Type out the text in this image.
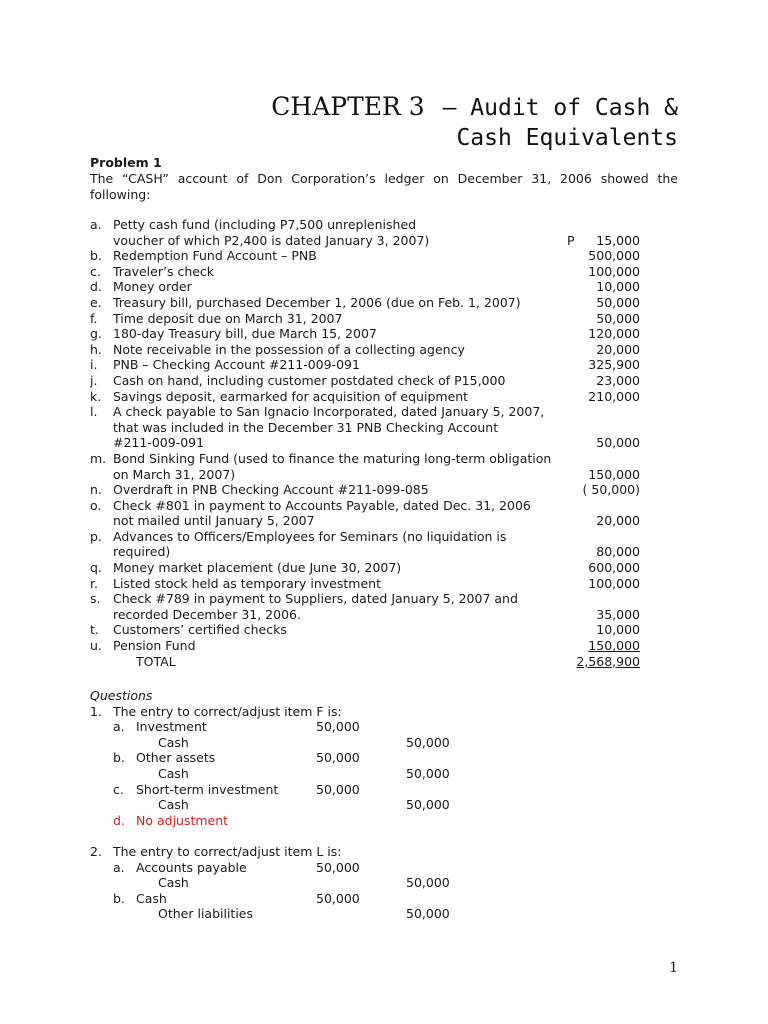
CHAPTER 3 – Audit of Cash &
Cash Equivalents
Problem 1
The “CASH” account of Don Corporation’s ledger on December 31, 2006 showed the following:
a. Petty cash fund (including P7,500 unreplenished
voucher of which P2,400 is dated January 3, 2007)	P 15,000
b. Redemption Fund Account – PNB	500,000
c. Traveler’s check	100,000
d. Money order	10,000
e. Treasury bill, purchased December 1, 2006 (due on Feb. 1, 2007)	50,000
f.	Time deposit due on March 31, 2007	50,000
g. 180-day Treasury bill, due March 15, 2007	120,000
h. Note receivable in the possession of a collecting agency	20,000
i.	PNB – Checking Account #211-009-091	325,900
j.	Cash on hand, including customer postdated check of P15,000	23,000
k. Savings deposit, earmarked for acquisition of equipment	210,000
l.	A check payable to San Ignacio Incorporated, dated January 5, 2007,
that was included in the December 31 PNB Checking Account
#211-009-091	50,000
m. Bond Sinking Fund (used to finance the maturing long-term obligation
on March 31, 2007)	150,000
n. Overdraft in PNB Checking Account #211-099-085	( 50,000)
o. Check #801 in payment to Accounts Payable, dated Dec. 31, 2006
not mailed until January 5, 2007	20,000
p. Advances to Officers/Employees for Seminars (no liquidation is
required)	80,000
q. Money market placement (due June 30, 2007)	600,000
r.	Listed stock held as temporary investment	100,000
s.	Check #789 in payment to Suppliers, dated January 5, 2007 and
recorded December 31, 2006.	35,000
t.	Customers’ certified checks	10,000
u. Pension Fund	150,000
TOTAL	2,568,900
Questions
1. The entry to correct/adjust item F is:
a. Investment	50,000
Cash	50,000
b. Other assets	50,000
Cash	50,000
c. Short-term investment	50,000
Cash	50,000
d. No adjustment
2. The entry to correct/adjust item L is:
a. Accounts payable	50,000
Cash	50,000
b. Cash	50,000
Other liabilities	50,000
1
